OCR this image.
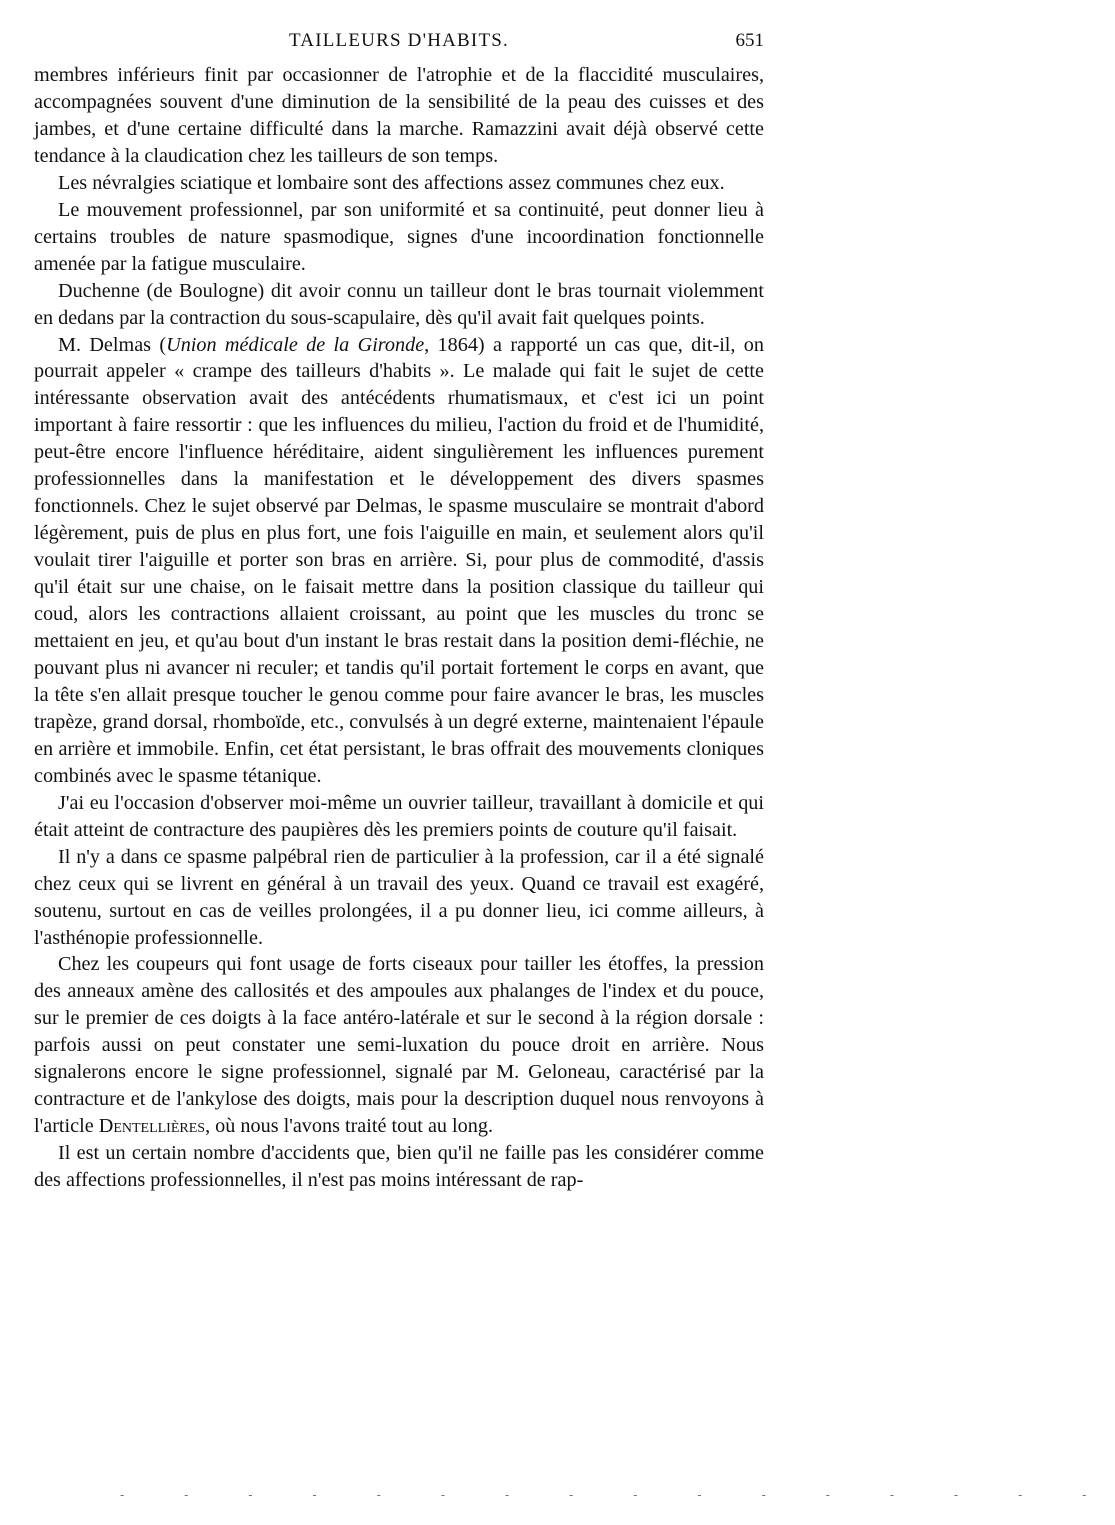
TAILLEURS D'HABITS.	651

membres inférieurs finit par occasionner de l'atrophie et de la flaccidité musculaires, accompagnées souvent d'une diminution de la sensibilité de la peau des cuisses et des jambes, et d'une certaine difficulté dans la marche. Ramazzini avait déjà observé cette tendance à la claudication chez les tailleurs de son temps.

Les névralgies sciatique et lombaire sont des affections assez communes chez eux.

Le mouvement professionnel, par son uniformité et sa continuité, peut donner lieu à certains troubles de nature spasmodique, signes d'une incoordination fonctionnelle amenée par la fatigue musculaire.

Duchenne (de Boulogne) dit avoir connu un tailleur dont le bras tournait violemment en dedans par la contraction du sous-scapulaire, dès qu'il avait fait quelques points.

M. Delmas (Union médicale de la Gironde, 1864) a rapporté un cas que, dit-il, on pourrait appeler « crampe des tailleurs d'habits ». Le malade qui fait le sujet de cette intéressante observation avait des antécédents rhumatismaux, et c'est ici un point important à faire ressortir : que les influences du milieu, l'action du froid et de l'humidité, peut-être encore l'influence héréditaire, aident singulièrement les influences purement professionnelles dans la manifestation et le développement des divers spasmes fonctionnels. Chez le sujet observé par Delmas, le spasme musculaire se montrait d'abord légèrement, puis de plus en plus fort, une fois l'aiguille en main, et seulement alors qu'il voulait tirer l'aiguille et porter son bras en arrière. Si, pour plus de commodité, d'assis qu'il était sur une chaise, on le faisait mettre dans la position classique du tailleur qui coud, alors les contractions allaient croissant, au point que les muscles du tronc se mettaient en jeu, et qu'au bout d'un instant le bras restait dans la position demi-fléchie, ne pouvant plus ni avancer ni reculer; et tandis qu'il portait fortement le corps en avant, que la tête s'en allait presque toucher le genou comme pour faire avancer le bras, les muscles trapèze, grand dorsal, rhomboïde, etc., convulsés à un degré externe, maintenaient l'épaule en arrière et immobile. Enfin, cet état persistant, le bras offrait des mouvements cloniques combinés avec le spasme tétanique.

J'ai eu l'occasion d'observer moi-même un ouvrier tailleur, travaillant à domicile et qui était atteint de contracture des paupières dès les premiers points de couture qu'il faisait.

Il n'y a dans ce spasme palpébral rien de particulier à la profession, car il a été signalé chez ceux qui se livrent en général à un travail des yeux. Quand ce travail est exagéré, soutenu, surtout en cas de veilles prolongées, il a pu donner lieu, ici comme ailleurs, à l'asthénopie professionnelle.

Chez les coupeurs qui font usage de forts ciseaux pour tailler les étoffes, la pression des anneaux amène des callosités et des ampoules aux phalanges de l'index et du pouce, sur le premier de ces doigts à la face antéro-latérale et sur le second à la région dorsale : parfois aussi on peut constater une semi-luxation du pouce droit en arrière. Nous signalerons encore le signe professionnel, signalé par M. Geloneau, caractérisé par la contracture et de l'ankylose des doigts, mais pour la description duquel nous renvoyons à l'article Dentellières, où nous l'avons traité tout au long.

Il est un certain nombre d'accidents que, bien qu'il ne faille pas les considérer comme des affections professionnelles, il n'est pas moins intéressant de rap-

- - - - - - - - - - - - - - - -
